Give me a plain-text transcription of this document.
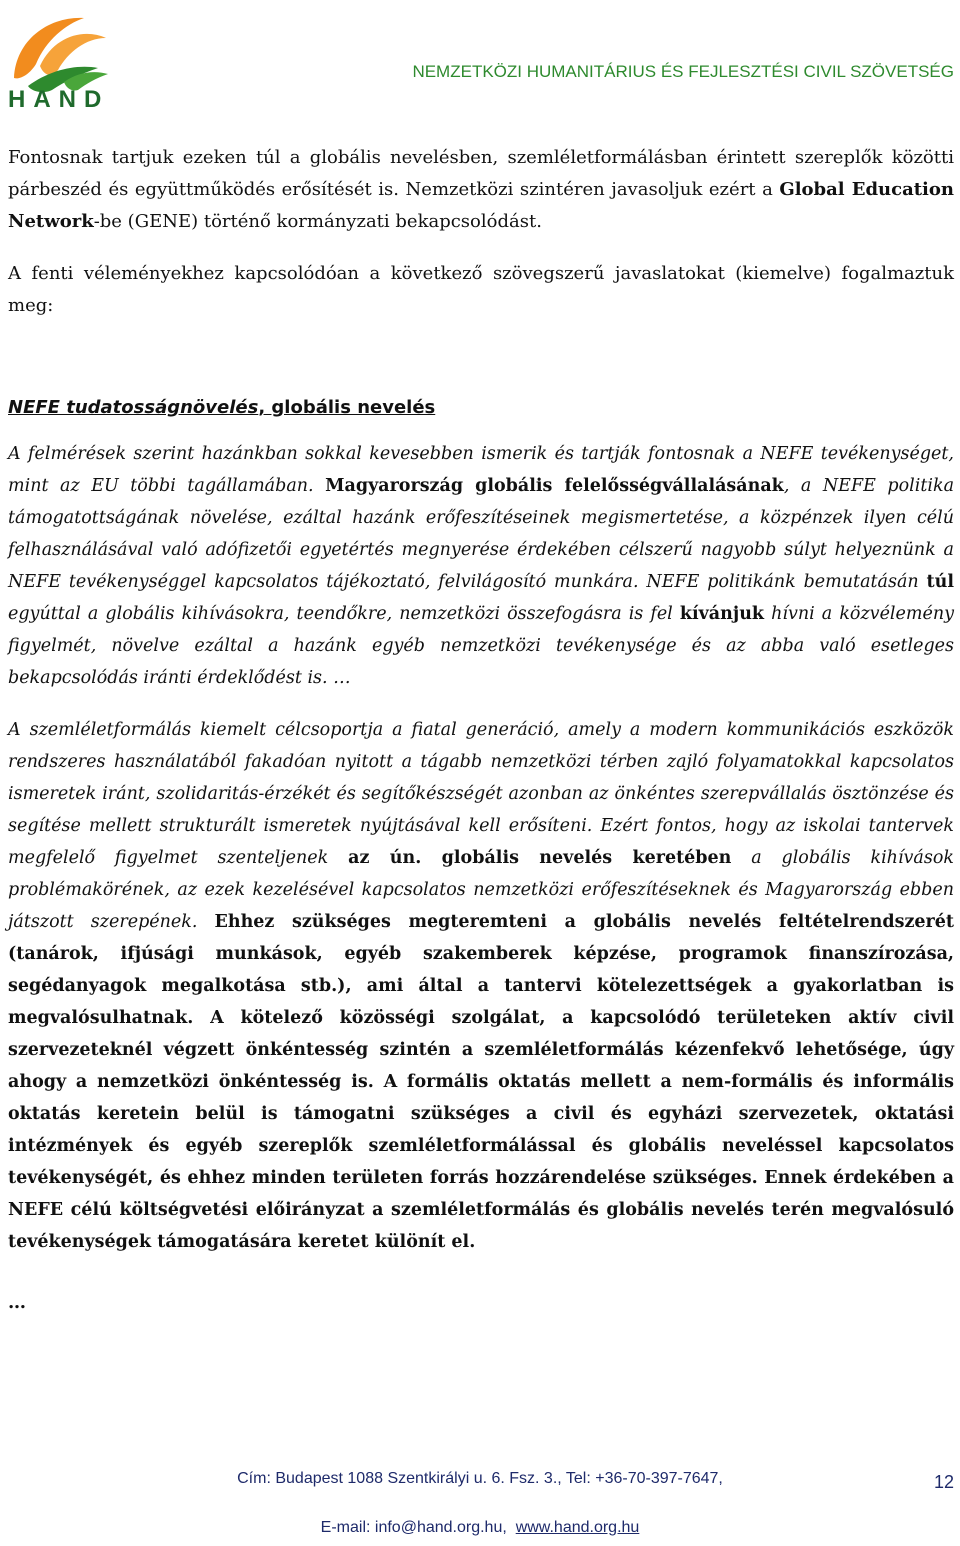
HAND
NEMZETKÖZI HUMANITÁRIUS ÉS FEJLESZTÉSI CIVIL SZÖVETSÉG

Fontosnak tartjuk ezeken túl a globális nevelésben, szemléletformálásban érintett szereplők közötti párbeszéd és együttműködés erősítését is. Nemzetközi szintéren javasoljuk ezért a Global Education Network-be (GENE) történő kormányzati bekapcsolódást.

A fenti véleményekhez kapcsolódóan a következő szövegszerű javaslatokat (kiemelve) fogalmaztuk meg:

NEFE tudatosságnövelés, globális nevelés

A felmérések szerint hazánkban sokkal kevesebben ismerik és tartják fontosnak a NEFE tevékenységet, mint az EU többi tagállamában. Magyarország globális felelősségvállalásának, a NEFE politika támogatottságának növelése, ezáltal hazánk erőfeszítéseinek megismertetése, a közpénzek ilyen célú felhasználásával való adófizetői egyetértés megnyerése érdekében célszerű nagyobb súlyt helyeznünk a NEFE tevékenységgel kapcsolatos tájékoztató, felvilágosító munkára. NEFE politikánk bemutatásán túl egyúttal a globális kihívásokra, teendőkre, nemzetközi összefogásra is fel kívánjuk hívni a közvélemény figyelmét, növelve ezáltal a hazánk egyéb nemzetközi tevékenysége és az abba való esetleges bekapcsolódás iránti érdeklődést is. …

A szemléletformálás kiemelt célcsoportja a fiatal generáció, amely a modern kommunikációs eszközök rendszeres használatából fakadóan nyitott a tágabb nemzetközi térben zajló folyamatokkal kapcsolatos ismeretek iránt, szolidaritás-érzékét és segítőkészségét azonban az önkéntes szerepvállalás ösztönzése és segítése mellett strukturált ismeretek nyújtásával kell erősíteni. Ezért fontos, hogy az iskolai tantervek megfelelő figyelmet szenteljenek az ún. globális nevelés keretében a globális kihívások problémakörének, az ezek kezelésével kapcsolatos nemzetközi erőfeszítéseknek és Magyarország ebben játszott szerepének. Ehhez szükséges megteremteni a globális nevelés feltételrendszerét (tanárok, ifjúsági munkások, egyéb szakemberek képzése, programok finanszírozása, segédanyagok megalkotása stb.), ami által a tantervi kötelezettségek a gyakorlatban is megvalósulhatnak. A kötelező közösségi szolgálat, a kapcsolódó területeken aktív civil szervezeteknél végzett önkéntesség szintén a szemléletformálás kézenfekvő lehetősége, úgy ahogy a nemzetközi önkéntesség is. A formális oktatás mellett a nem-formális és informális oktatás keretein belül is támogatni szükséges a civil és egyházi szervezetek, oktatási intézmények és egyéb szereplők szemléletformálással és globális neveléssel kapcsolatos tevékenységét, és ehhez minden területen forrás hozzárendelése szükséges. Ennek érdekében a NEFE célú költségvetési előirányzat a szemléletformálás és globális nevelés terén megvalósuló tevékenységek támogatására keretet különít el.

…

Cím: Budapest 1088 Szentkirályi u. 6. Fsz. 3., Tel: +36-70-397-7647,	12
E-mail: info@hand.org.hu, www.hand.org.hu
